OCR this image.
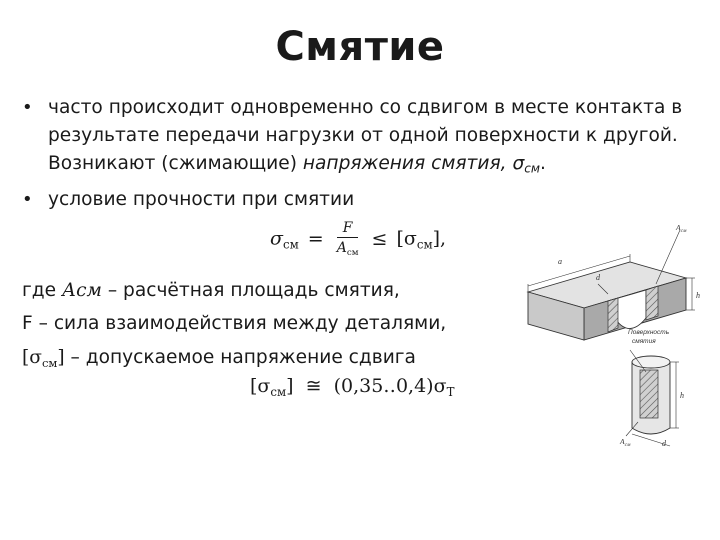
Смятие
• часто происходит одновременно со сдвигом в месте контакта в результате передачи нагрузки от одной поверхности к другой. Возникают (сжимающие) напряжения смятия, σсм.
• условие прочности при смятии
$\sigma_{см} = \frac{F}{A_{см}} \le [\sigma_{см}]$,
где Асм – расчётная площадь смятия,
F – сила взаимодействия между деталями,
$[\sigma_{см}]$ – допускаемое напряжение сдвига
$[\sigma_{см}]$ ≅ $(0,35‥0,4)\sigma_Т$
a
d
h
$A_{см}$
Поверхность
смятия
h
d
$A_{см}$
